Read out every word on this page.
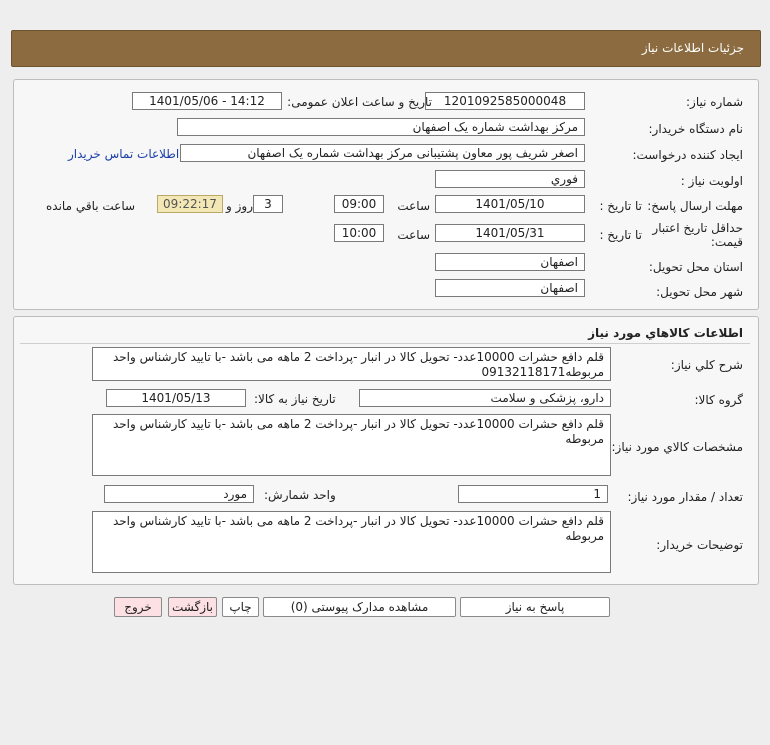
جزئیات اطلاعات نیاز
شماره نیاز:
1201092585000048
تاریخ و ساعت اعلان عمومی:
1401/05/06 - 14:12
نام دستگاه خریدار:
مرکز بهداشت شماره یک اصفهان
ایجاد کننده درخواست:
اصغر شریف پور معاون پشتیبانی مرکز بهداشت شماره یک اصفهان
اطلاعات تماس خریدار
اولویت نیاز :
فوري
مهلت ارسال پاسخ:
تا تاریخ :
1401/05/10
ساعت
09:00
3
روز و
09:22:17
ساعت باقي مانده
حداقل تاریخ اعتبار قیمت:
تا تاریخ :
1401/05/31
ساعت
10:00
استان محل تحویل:
اصفهان
شهر محل تحویل:
اصفهان
اطلاعات کالاهاي مورد نياز
شرح کلي نياز:
قلم دافع حشرات 10000عدد- تحویل کالا در انبار -پرداخت 2 ماهه می باشد -با تایید کارشناس واحد مربوطه09132118171
گروه کالا:
دارو، پزشکی و سلامت
تاریخ نیاز به کالا:
1401/05/13
مشخصات کالاي مورد نياز:
قلم دافع حشرات 10000عدد- تحویل کالا در انبار -پرداخت 2 ماهه می باشد -با تایید کارشناس واحد مربوطه
تعداد / مقدار مورد نیاز:
1
واحد شمارش:
مورد
توضیحات خریدار:
قلم دافع حشرات 10000عدد- تحویل کالا در انبار -پرداخت 2 ماهه می باشد -با تایید کارشناس واحد مربوطه
پاسخ به نیاز
مشاهده مدارک پیوستی (0)
چاپ
بازگشت
خروج
